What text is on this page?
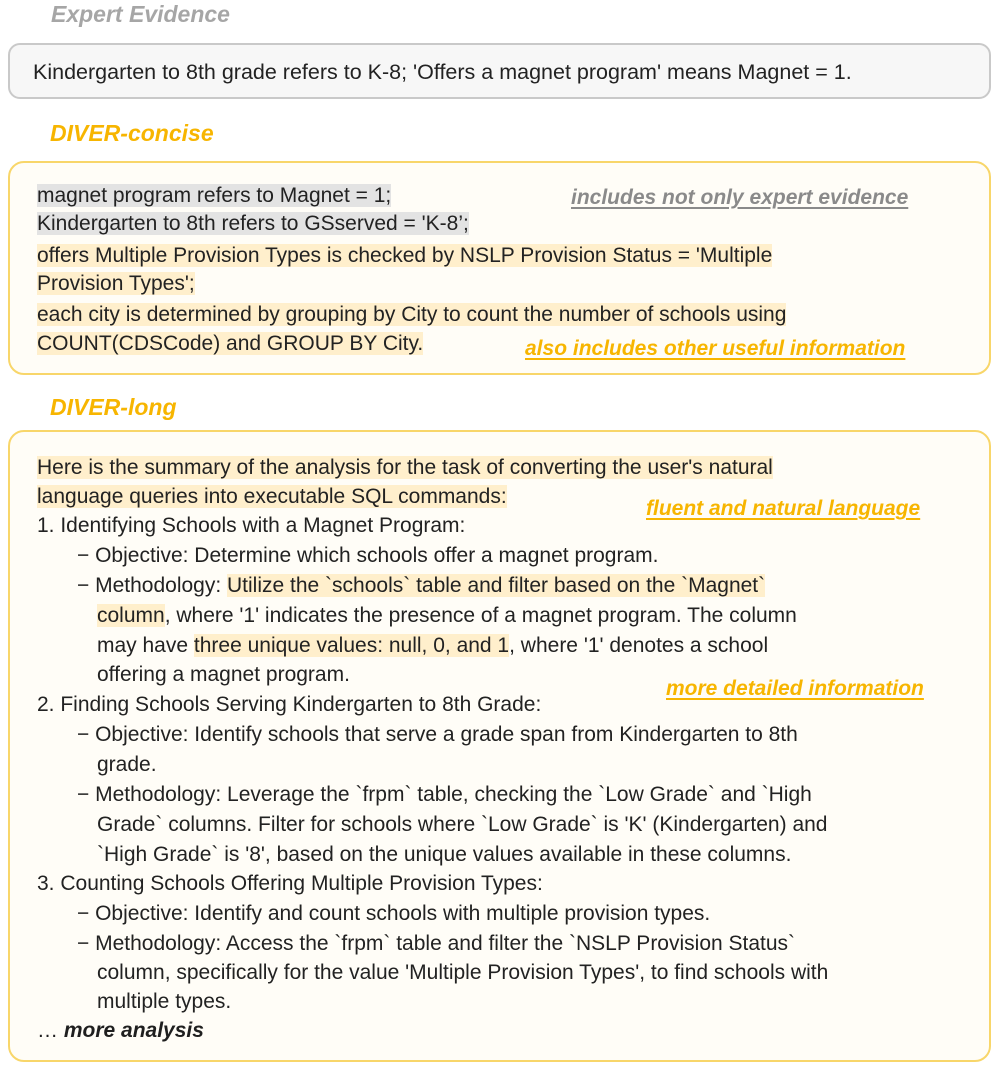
Expert Evidence
Kindergarten to 8th grade refers to K-8; 'Offers a magnet program' means Magnet = 1.
DIVER-concise
magnet program refers to Magnet = 1;
Kindergarten to 8th refers to GSserved = 'K-8’;
offers Multiple Provision Types is checked by NSLP Provision Status = 'Multiple
Provision Types';
each city is determined by grouping by City to count the number of schools using
COUNT(CDSCode) and GROUP BY City.
includes not only expert evidence
also includes other useful information
DIVER-long
Here is the summary of the analysis for the task of converting the user's natural
language queries into executable SQL commands:
fluent and natural language
1. Identifying Schools with a Magnet Program:
− Objective: Determine which schools offer a magnet program.
− Methodology: Utilize the `schools` table and filter based on the `Magnet`
column, where '1' indicates the presence of a magnet program. The column
may have three unique values: null, 0, and 1, where '1' denotes a school
offering a magnet program.
more detailed information
2. Finding Schools Serving Kindergarten to 8th Grade:
− Objective: Identify schools that serve a grade span from Kindergarten to 8th
grade.
− Methodology: Leverage the `frpm` table, checking the `Low Grade` and `High
Grade` columns. Filter for schools where `Low Grade` is 'K' (Kindergarten) and
`High Grade` is '8', based on the unique values available in these columns.
3. Counting Schools Offering Multiple Provision Types:
− Objective: Identify and count schools with multiple provision types.
− Methodology: Access the `frpm` table and filter the `NSLP Provision Status`
column, specifically for the value 'Multiple Provision Types', to find schools with
multiple types.
… more analysis
